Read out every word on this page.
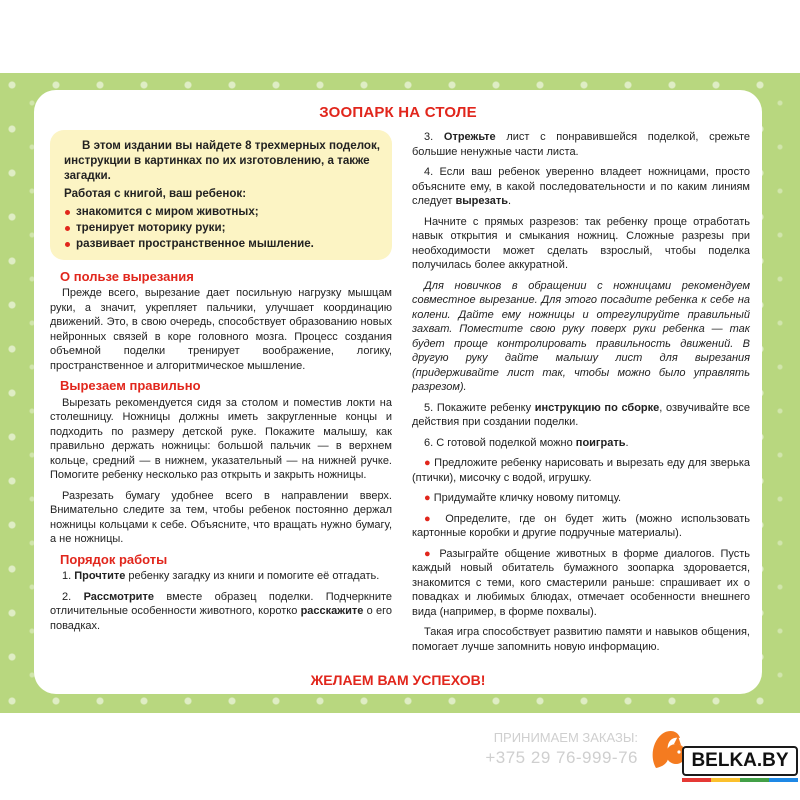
ЗООПАРК НА СТОЛЕ
В этом издании вы найдете 8 трехмерных поделок, инструкции в картинках по их изготовлению, а также загадки.
Работая с книгой, ваш ребенок:
знакомится с миром животных;
тренирует моторику руки;
развивает пространственное мышление.
О пользе вырезания

Прежде всего, вырезание дает посильную нагрузку мышцам руки, а значит, укрепляет пальчики, улучшает координацию движений. Это, в свою очередь, способствует образованию новых нейронных связей в коре головного мозга. Процесс создания объемной поделки тренирует воображение, логику, пространственное и алгоритмическое мышление.

Вырезаем правильно

Вырезать рекомендуется сидя за столом и поместив локти на столешницу. Ножницы должны иметь закругленные концы и подходить по размеру детской руке. Покажите малышу, как правильно держать ножницы: большой пальчик — в верхнем кольце, средний — в нижнем, указательный — на нижней ручке. Помогите ребенку несколько раз открыть и закрыть ножницы.

Разрезать бумагу удобнее всего в направлении вверх. Внимательно следите за тем, чтобы ребенок постоянно держал ножницы кольцами к себе. Объясните, что вращать нужно бумагу, а не ножницы.

Порядок работы

1. Прочтите ребенку загадку из книги и помогите её отгадать.

2. Рассмотрите вместе образец поделки. Подчеркните отличительные особенности животного, коротко расскажите о его повадках.

3. Отрежьте лист с понравившейся поделкой, срежьте большие ненужные части листа.

4. Если ваш ребенок уверенно владеет ножницами, просто объясните ему, в какой последовательности и по каким линиям следует вырезать.

Начните с прямых разрезов: так ребенку проще отработать навык открытия и смыкания ножниц. Сложные разрезы при необходимости может сделать взрослый, чтобы поделка получилась более аккуратной.

Для новичков в обращении с ножницами рекомендуем совместное вырезание. Для этого посадите ребенка к себе на колени. Дайте ему ножницы и отрегулируйте правильный захват. Поместите свою руку поверх руки ребенка — так будет проще контролировать правильность движений. В другую руку дайте малышу лист для вырезания (придерживайте лист так, чтобы можно было управлять разрезом).

5. Покажите ребенку инструкцию по сборке, озвучивайте все действия при создании поделки.

6. С готовой поделкой можно поиграть.

● Предложите ребенку нарисовать и вырезать еду для зверька (птички), мисочку с водой, игрушку.

● Придумайте кличку новому питомцу.

● Определите, где он будет жить (можно использовать картонные коробки и другие подручные материалы).

● Разыграйте общение животных в форме диалогов. Пусть каждый новый обитатель бумажного зоопарка здоровается, знакомится с теми, кого смастерили раньше: спрашивает их о повадках и любимых блюдах, отмечает особенности внешнего вида (например, в форме похвалы).

Такая игра способствует развитию памяти и навыков общения, помогает лучше запомнить новую информацию.

ЖЕЛАЕМ ВАМ УСПЕХОВ!
ПРИНИМАЕМ ЗАКАЗЫ:
+375 29 76-999-76	BELKA.BY
